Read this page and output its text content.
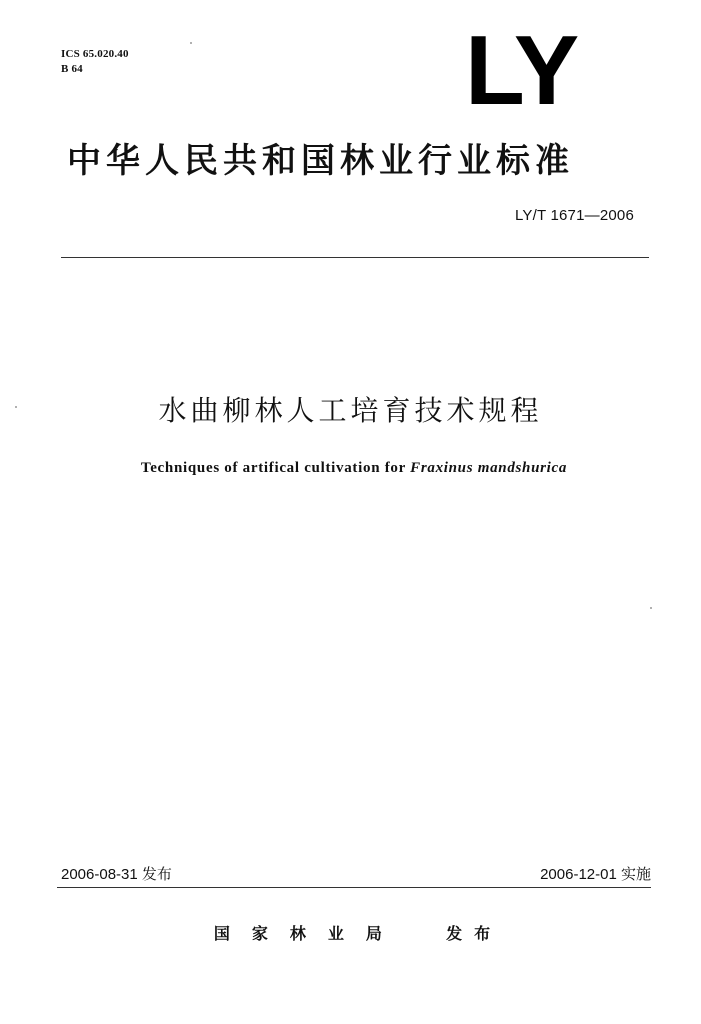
ICS 65.020.40
B 64	LY
中华人民共和国林业行业标准
LY/T 1671—2006
水曲柳林人工培育技术规程
Techniques of artifical cultivation for Fraxinus mandshurica
2006-08-31 发布	2006-12-01 实施
国家林业局	发布
